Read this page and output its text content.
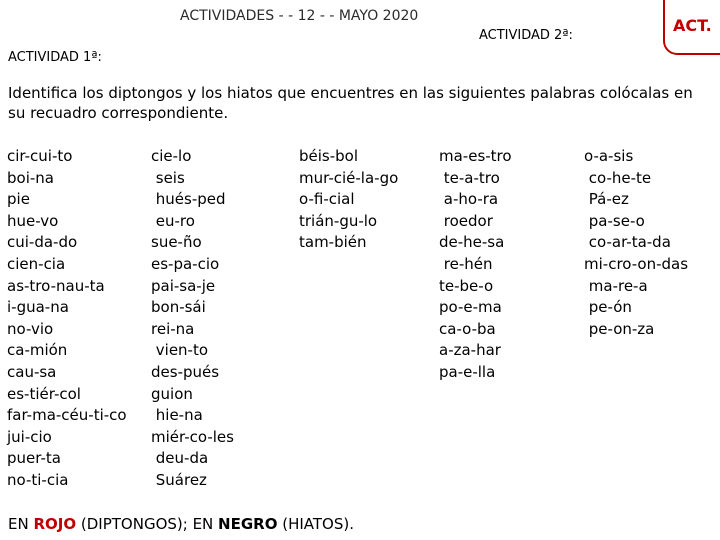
ACTIVIDADES - - 12 - - MAYO 2020
ACTIVIDAD 2ª:
ACT.
ACTIVIDAD 1ª:
Identifica los diptongos y los hiatos que encuentres en las siguientes palabras colócalas en su recuadro correspondiente.
cir-cui-to
boi-na
pie
hue-vo
cui-da-do
cien-cia
as-tro-nau-ta
i-gua-na
no-vio
ca-mión
cau-sa
es-tiér-col
far-ma-céu-ti-co
jui-cio
puer-ta
no-ti-cia
cie-lo
seis
hués-ped
eu-ro
sue-ño
es-pa-cio
pai-sa-je
bon-sái
rei-na
vien-to
des-pués
guion
hie-na
miér-co-les
deu-da
Suárez
béis-bol
mur-cié-la-go
o-fi-cial
trián-gu-lo
tam-bién
ma-es-tro
te-a-tro
a-ho-ra
roedor
de-he-sa
re-hén
te-be-o
po-e-ma
ca-o-ba
a-za-har
pa-e-lla
o-a-sis
co-he-te
Pá-ez
pa-se-o
co-ar-ta-da
mi-cro-on-das
ma-re-a
pe-ón
pe-on-za
EN ROJO (DIPTONGOS); EN NEGRO (HIATOS).
